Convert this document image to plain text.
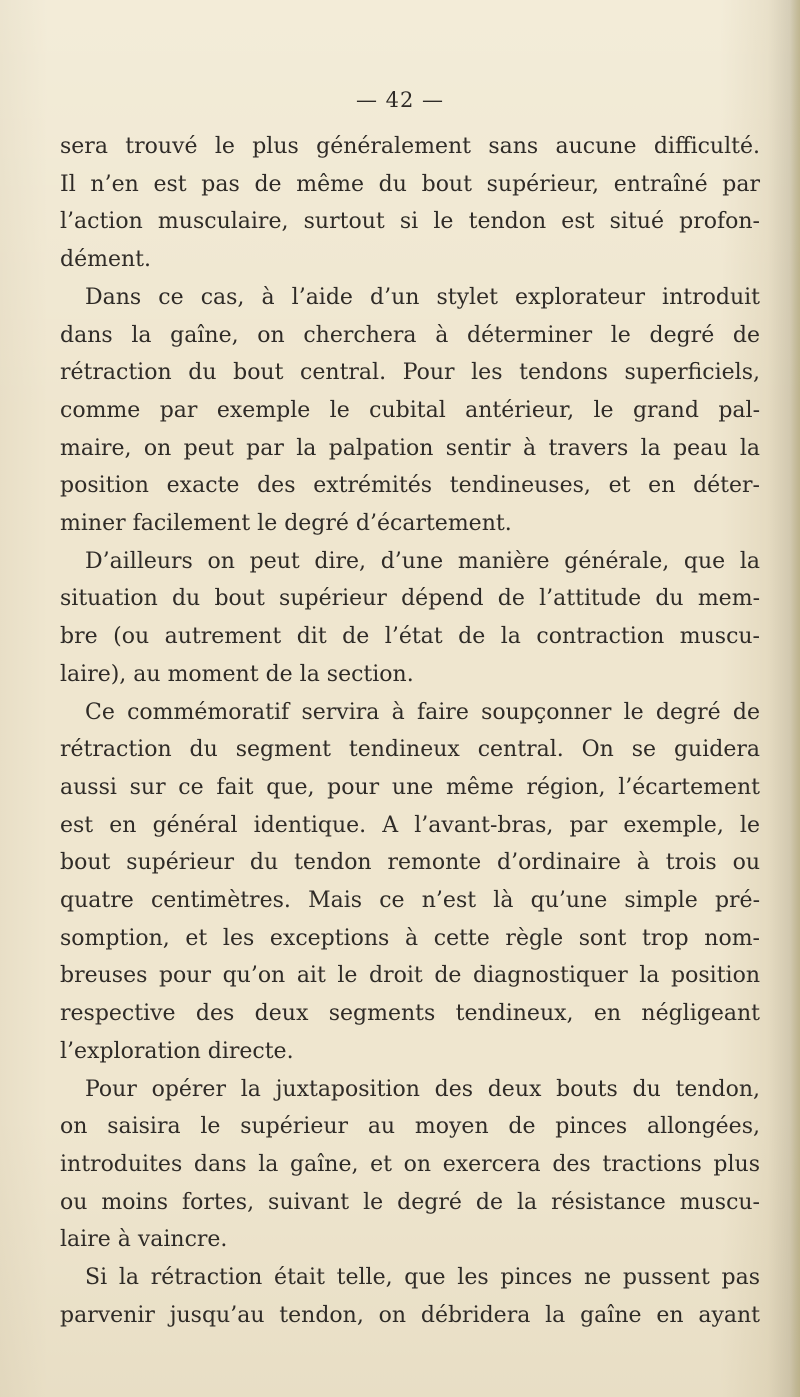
— 42 —

sera trouvé le plus généralement sans aucune difficulté.
Il n’en est pas de même du bout supérieur, entraîné par
l’action musculaire, surtout si le tendon est situé profon-
dément.

Dans ce cas, à l’aide d’un stylet explorateur introduit
dans la gaîne, on cherchera à déterminer le degré de
rétraction du bout central. Pour les tendons superficiels,
comme par exemple le cubital antérieur, le grand pal-
maire, on peut par la palpation sentir à travers la peau la
position exacte des extrémités tendineuses, et en déter-
miner facilement le degré d’écartement.

D’ailleurs on peut dire, d’une manière générale, que la
situation du bout supérieur dépend de l’attitude du mem-
bre (ou autrement dit de l’état de la contraction muscu-
laire), au moment de la section.

Ce commémoratif servira à faire soupçonner le degré de
rétraction du segment tendineux central. On se guidera
aussi sur ce fait que, pour une même région, l’écartement
est en général identique. A l’avant-bras, par exemple, le
bout supérieur du tendon remonte d’ordinaire à trois ou
quatre centimètres. Mais ce n’est là qu’une simple pré-
somption, et les exceptions à cette règle sont trop nom-
breuses pour qu’on ait le droit de diagnostiquer la position
respective des deux segments tendineux, en négligeant
l’exploration directe.

Pour opérer la juxtaposition des deux bouts du tendon,
on saisira le supérieur au moyen de pinces allongées,
introduites dans la gaîne, et on exercera des tractions plus
ou moins fortes, suivant le degré de la résistance muscu-
laire à vaincre.

Si la rétraction était telle, que les pinces ne pussent pas
parvenir jusqu’au tendon, on débridera la gaîne en ayant
